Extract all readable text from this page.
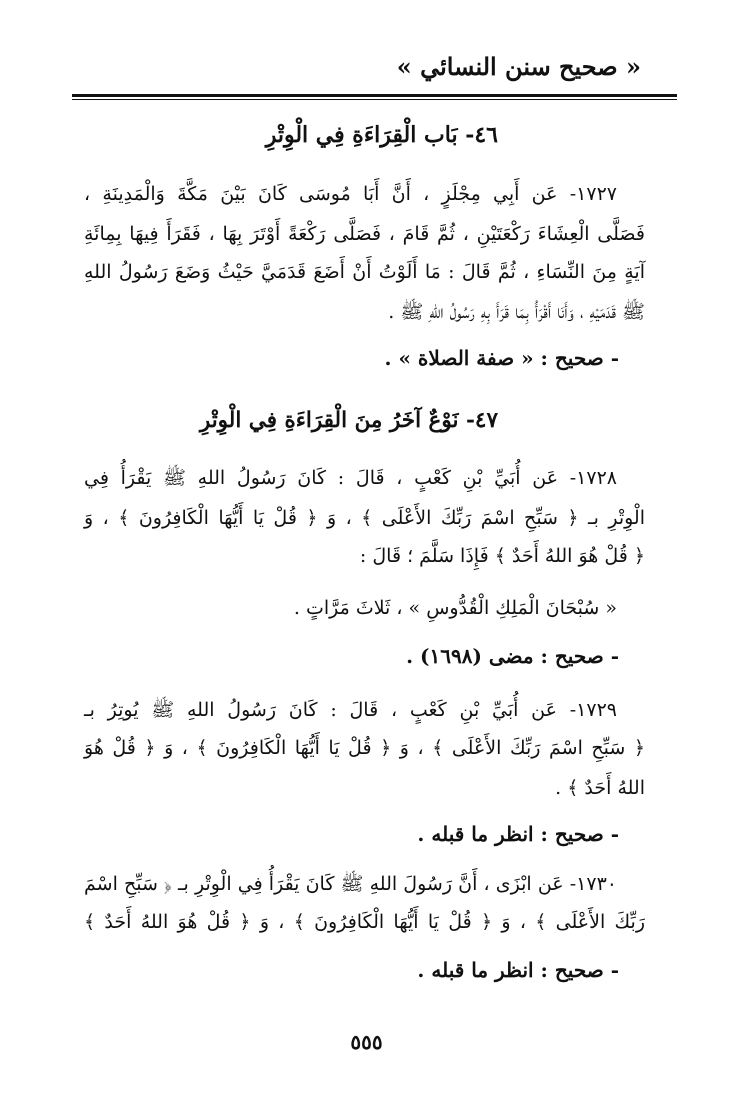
« صحيح سنن النسائي »
٤٦- بَاب الْقِرَاءَةِ فِي الْوِتْرِ
١٧٢٧- عَن أَبِي مِجْلَزٍ ، أَنَّ أَبَا مُوسَى كَانَ بَيْنَ مَكَّةَ وَالْمَدِينَةِ ،
فَصَلَّى الْعِشَاءَ رَكْعَتَيْنِ ، ثُمَّ قَامَ ، فَصَلَّى رَكْعَةً أَوْتَرَ بِهَا ، فَقَرَأَ فِيهَا بِمِائَةِ
آيَةٍ مِنَ النِّسَاءِ ، ثُمَّ قَالَ : مَا أَلَوْتُ أَنْ أَضَعَ قَدَمَيَّ حَيْثُ وَضَعَ رَسُولُ اللهِ
ﷺ قَدَمَيْهِ ، وَأَنَا أَقْرَأُ بِمَا قَرَأَ بِهِ رَسُولُ اللهِ ﷺ .
- صحيح : « صفة الصلاة » .
٤٧- نَوْعٌ آخَرُ مِنَ الْقِرَاءَةِ فِي الْوِتْرِ
١٧٢٨- عَن أُبَيِّ بْنِ كَعْبٍ ، قَالَ : كَانَ رَسُولُ اللهِ ﷺ يَقْرَأُ فِي
الْوِتْرِ بـ ﴿ سَبِّحِ اسْمَ رَبِّكَ الأَعْلَى ﴾ ، وَ ﴿ قُلْ يَا أَيُّهَا الْكَافِرُونَ ﴾ ، وَ
﴿ قُلْ هُوَ اللهُ أَحَدٌ ﴾ فَإِذَا سَلَّمَ ؛ قَالَ :
« سُبْحَانَ الْمَلِكِ الْقُدُّوسِ » ، ثَلاثَ مَرَّاتٍ .
- صحيح : مضى (١٦٩٨) .
١٧٢٩- عَن أُبَيِّ بْنِ كَعْبٍ ، قَالَ : كَانَ رَسُولُ اللهِ ﷺ يُوتِرُ بـ
﴿ سَبِّحِ اسْمَ رَبِّكَ الأَعْلَى ﴾ ، وَ ﴿ قُلْ يَا أَيُّهَا الْكَافِرُونَ ﴾ ، وَ ﴿ قُلْ هُوَ
اللهُ أَحَدٌ ﴾ .
- صحيح : انظر ما قبله .
١٧٣٠- عَن ابْزَى ، أَنَّ رَسُولَ اللهِ ﷺ كَانَ يَقْرَأُ فِي الْوِتْرِ بـ ﴿ سَبِّحِ اسْمَ
رَبِّكَ الأَعْلَى ﴾ ، وَ ﴿ قُلْ يَا أَيُّهَا الْكَافِرُونَ ﴾ ، وَ ﴿ قُلْ هُوَ اللهُ أَحَدٌ ﴾
- صحيح : انظر ما قبله .
٥٥٥
